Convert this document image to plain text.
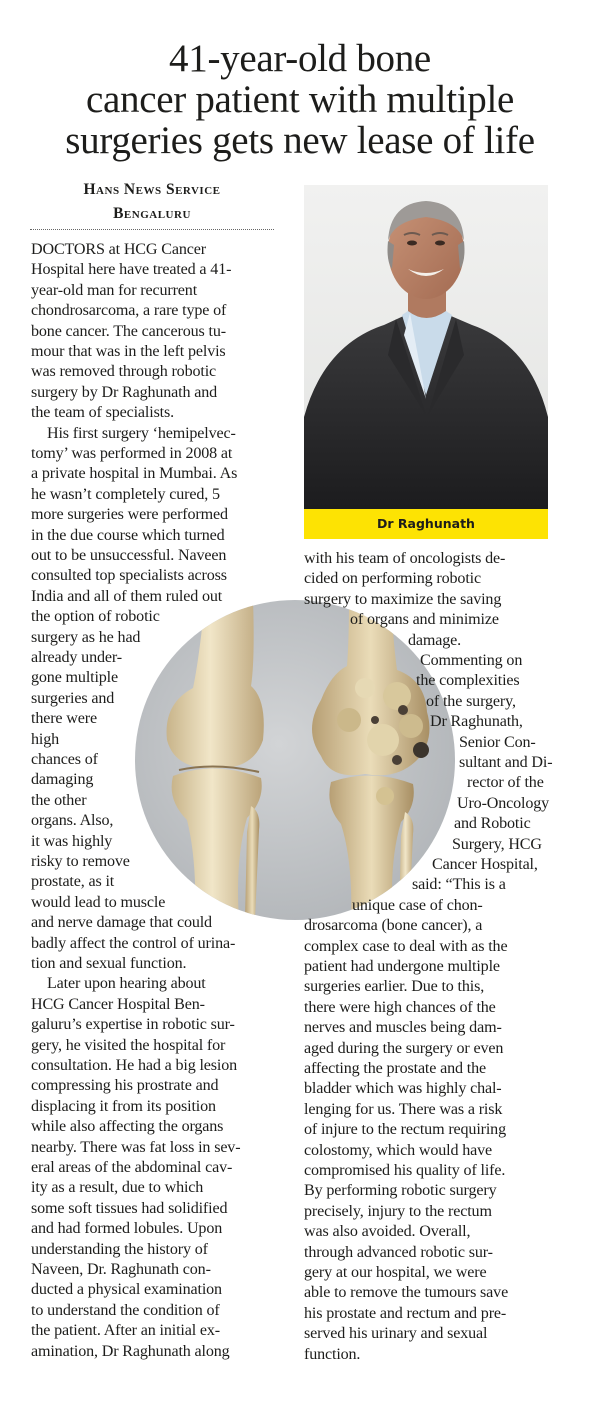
41-year-old bone
cancer patient with multiple
surgeries gets new lease of life
Hans News Service
Bengaluru
Dr Raghunath
DOCTORS at HCG Cancer
Hospital here have treated a 41-
year-old man for recurrent
chondrosarcoma, a rare type of
bone cancer. The cancerous tu-
mour that was in the left pelvis
was removed through robotic
surgery by Dr Raghunath and
the team of specialists.
His first surgery ‘hemipelvec-
tomy’ was performed in 2008 at
a private hospital in Mumbai. As
he wasn’t completely cured, 5
more surgeries were performed
in the due course which turned
out to be unsuccessful. Naveen
consulted top specialists across
India and all of them ruled out
the option of robotic
surgery as he had
already under-
gone multiple
surgeries and
there were
high
chances of
damaging
the other
organs. Also,
it was highly
risky to remove
prostate, as it
would lead to muscle
and nerve damage that could
badly affect the control of urina-
tion and sexual function.
Later upon hearing about
HCG Cancer Hospital Ben-
galuru’s expertise in robotic sur-
gery, he visited the hospital for
consultation. He had a big lesion
compressing his prostrate and
displacing it from its position
while also affecting the organs
nearby. There was fat loss in sev-
eral areas of the abdominal cav-
ity as a result, due to which
some soft tissues had solidified
and had formed lobules. Upon
understanding the history of
Naveen, Dr. Raghunath con-
ducted a physical examination
to understand the condition of
the patient. After an initial ex-
amination, Dr Raghunath along
with his team of oncologists de-
cided on performing robotic
surgery to maximize the saving
of organs and minimize
damage.
Commenting on
the complexities
of the surgery,
Dr Raghunath,
Senior Con-
sultant and Di-
rector of the
Uro-Oncology
and Robotic
Surgery, HCG
Cancer Hospital,
said: “This is a
unique case of chon-
drosarcoma (bone cancer), a
complex case to deal with as the
patient had undergone multiple
surgeries earlier. Due to this,
there were high chances of the
nerves and muscles being dam-
aged during the surgery or even
affecting the prostate and the
bladder which was highly chal-
lenging for us. There was a risk
of injure to the rectum requiring
colostomy, which would have
compromised his quality of life.
By performing robotic surgery
precisely, injury to the rectum
was also avoided. Overall,
through advanced robotic sur-
gery at our hospital, we were
able to remove the tumours save
his prostate and rectum and pre-
served his urinary and sexual
function.
